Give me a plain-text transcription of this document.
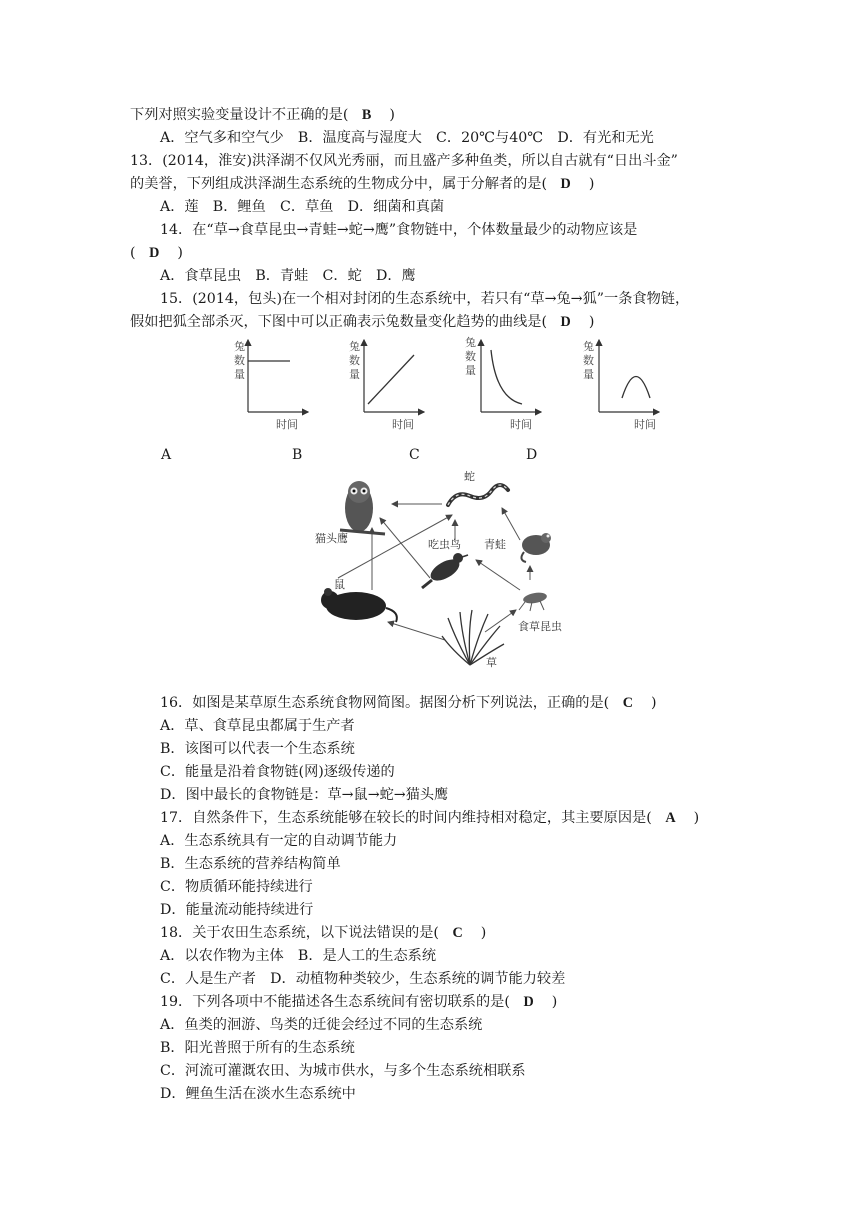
下列对照实验变量设计不正确的是( B )
A．空气多和空气少　B．温度高与湿度大　C．20℃与40℃　D．有光和无光
13．(2014，淮安)洪泽湖不仅风光秀丽，而且盛产多种鱼类，所以自古就有“日出斗金”
的美誉，下列组成洪泽湖生态系统的生物成分中，属于分解者的是( D )
A．莲　B．鲤鱼　C．草鱼　D．细菌和真菌
14．在“草→食草昆虫→青蛙→蛇→鹰”食物链中，个体数量最少的动物应该是
( D )
A．食草昆虫　B．青蛙　C．蛇　D．鹰
15．(2014，包头)在一个相对封闭的生态系统中，若只有“草→兔→狐”一条食物链，
假如把狐全部杀灭，下图中可以正确表示兔数量变化趋势的曲线是( D )
兔
数
量
时间
兔
数
量
时间
兔
数
量
时间
兔
数
量
时间
A	B	C	D
蛇
猫头鹰	吃虫鸟 青蛙
鼠
食草昆虫
草
16．如图是某草原生态系统食物网简图。据图分析下列说法，正确的是( C )
A．草、食草昆虫都属于生产者
B．该图可以代表一个生态系统
C．能量是沿着食物链(网)逐级传递的
D．图中最长的食物链是：草→鼠→蛇→猫头鹰
17．自然条件下，生态系统能够在较长的时间内维持相对稳定，其主要原因是( A )
A．生态系统具有一定的自动调节能力
B．生态系统的营养结构简单
C．物质循环能持续进行
D．能量流动能持续进行
18．关于农田生态系统，以下说法错误的是( C )
A．以农作物为主体　B．是人工的生态系统
C．人是生产者　D．动植物种类较少，生态系统的调节能力较差
19．下列各项中不能描述各生态系统间有密切联系的是( D )
A．鱼类的洄游、鸟类的迁徙会经过不同的生态系统
B．阳光普照于所有的生态系统
C．河流可灌溉农田、为城市供水，与多个生态系统相联系
D．鲤鱼生活在淡水生态系统中
